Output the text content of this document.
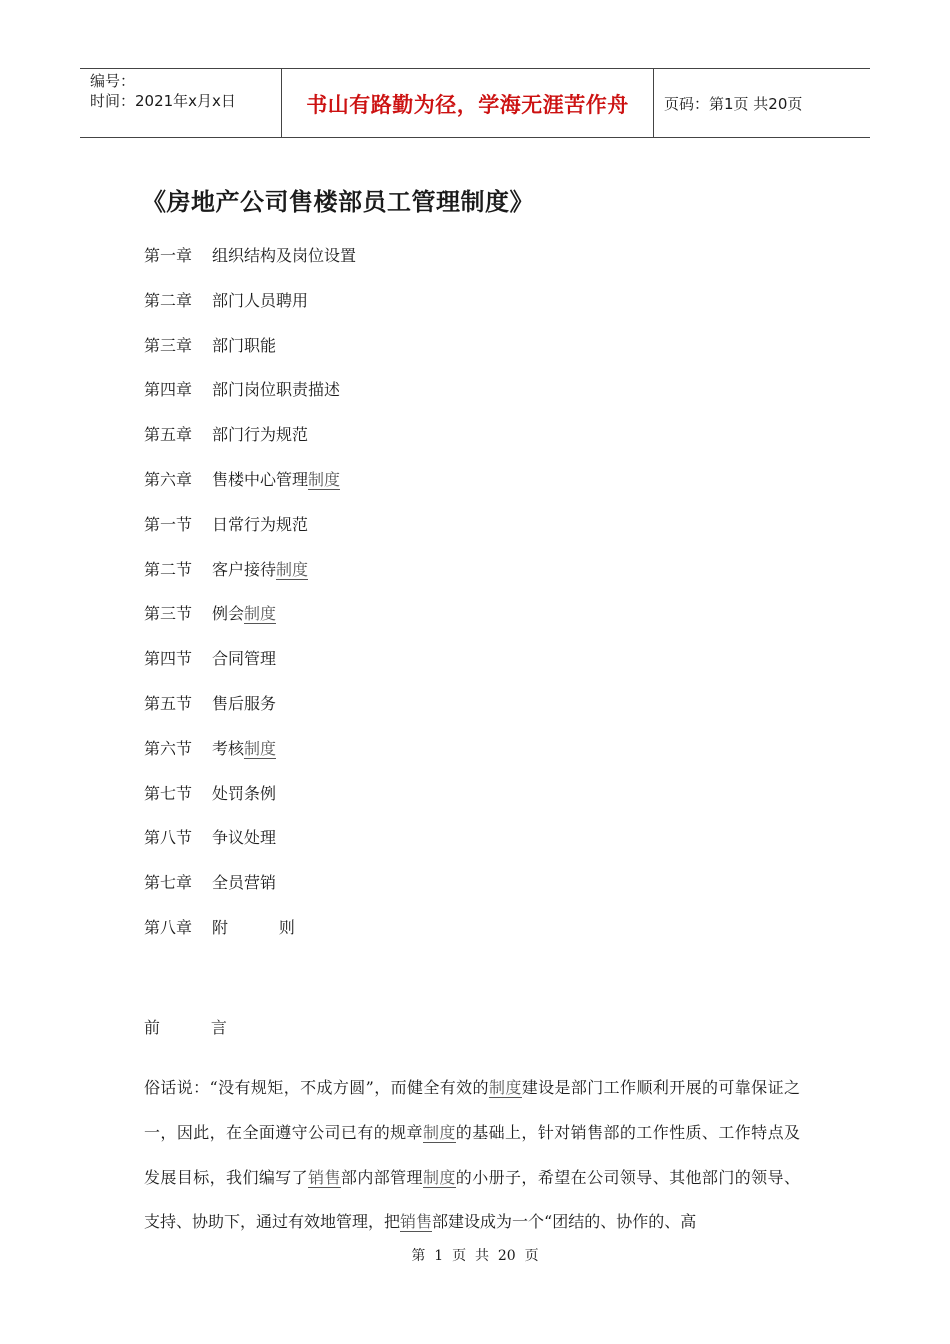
编号：
时间：2021年x月x日	书山有路勤为径，学海无涯苦作舟 页码：第1页 共20页
《房地产公司售楼部员工管理制度》
第一章	组织结构及岗位设置
第二章	部门人员聘用
第三章	部门职能
第四章	部门岗位职责描述
第五章	部门行为规范
第六章	售楼中心管理制度
第一节	日常行为规范
第二节	客户接待制度
第三节	例会制度
第四节	合同管理
第五节	售后服务
第六节	考核制度
第七节	处罚条例
第八节	争议处理
第七章	全员营销
第八章	附          则
前          言
俗话说：“没有规矩，不成方圆”，而健全有效的制度建设是部门工作顺利开展的可靠保证之一，因此，在全面遵守公司已有的规章制度的基础上，针对销售部的工作性质、工作特点及发展目标，我们编写了销售部内部管理制度的小册子，希望在公司领导、其他部门的领导、支持、协助下，通过有效地管理，把销售部建设成为一个“团结的、协作的、高
第  1  页  共  20  页
